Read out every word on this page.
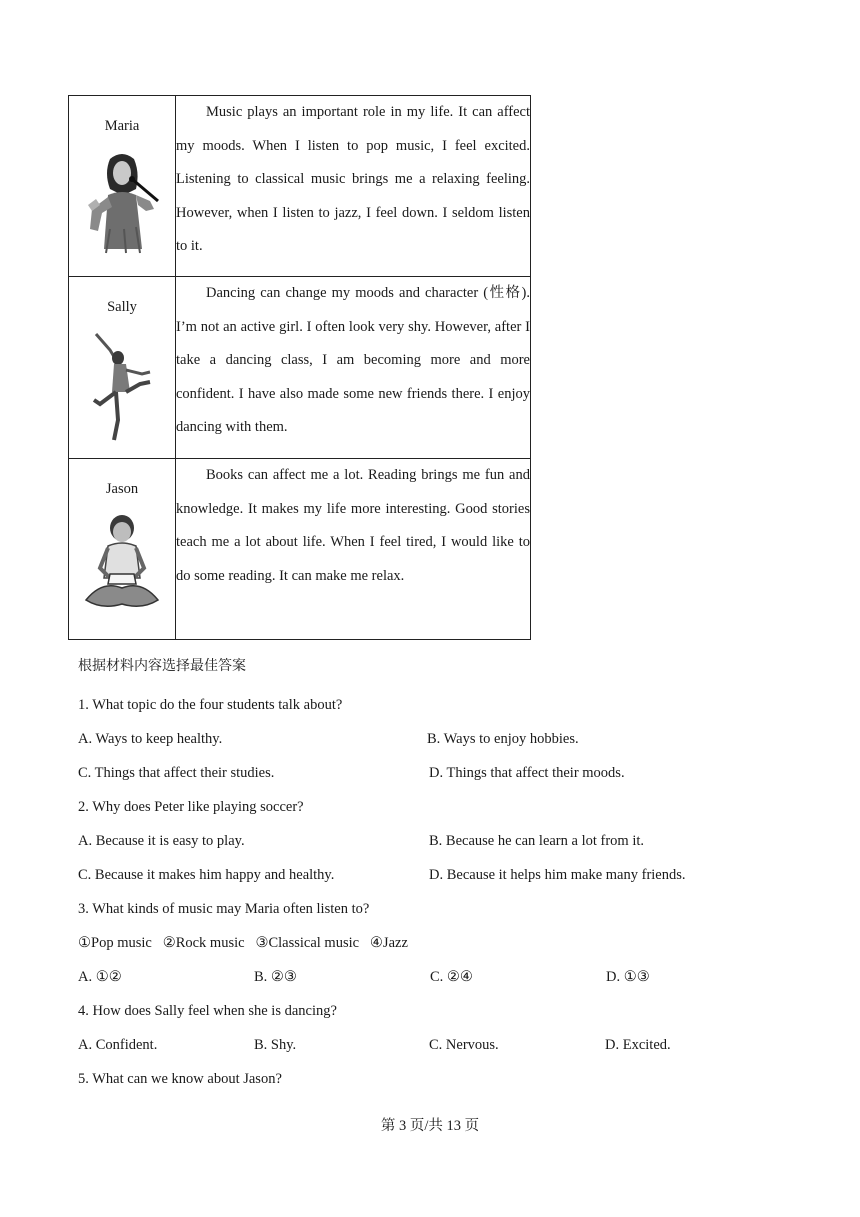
Maria	Music plays an important role in my life. It can affect my moods. When I listen to pop music, I feel excited. Listening to classical music brings me a relaxing feeling. However, when I listen to jazz, I feel down. I seldom listen to it.

Sally	Dancing can change my moods and character (性格). I’m not an active girl. I often look very shy. However, after I take a dancing class, I am becoming more and more confident. I have also made some new friends there. I enjoy dancing with them.

Jason	Books can affect me a lot. Reading brings me fun and knowledge. It makes my life more interesting. Good stories teach me a lot about life. When I feel tired, I would like to do some reading. It can make me relax.

根据材料内容选择最佳答案
1. What topic do the four students talk about?
A. Ways to keep healthy.	B. Ways to enjoy hobbies.
C. Things that affect their studies.	D. Things that affect their moods.
2. Why does Peter like playing soccer?
A. Because it is easy to play.	B. Because he can learn a lot from it.
C. Because it makes him happy and healthy.	D. Because it helps him make many friends.
3. What kinds of music may Maria often listen to?
①Pop music   ②Rock music   ③Classical music   ④Jazz
A. ①②	B. ②③	C. ②④	D. ①③
4. How does Sally feel when she is dancing?
A. Confident.	B. Shy.	C. Nervous.	D. Excited.
5. What can we know about Jason?
第 3 页/共 13 页
